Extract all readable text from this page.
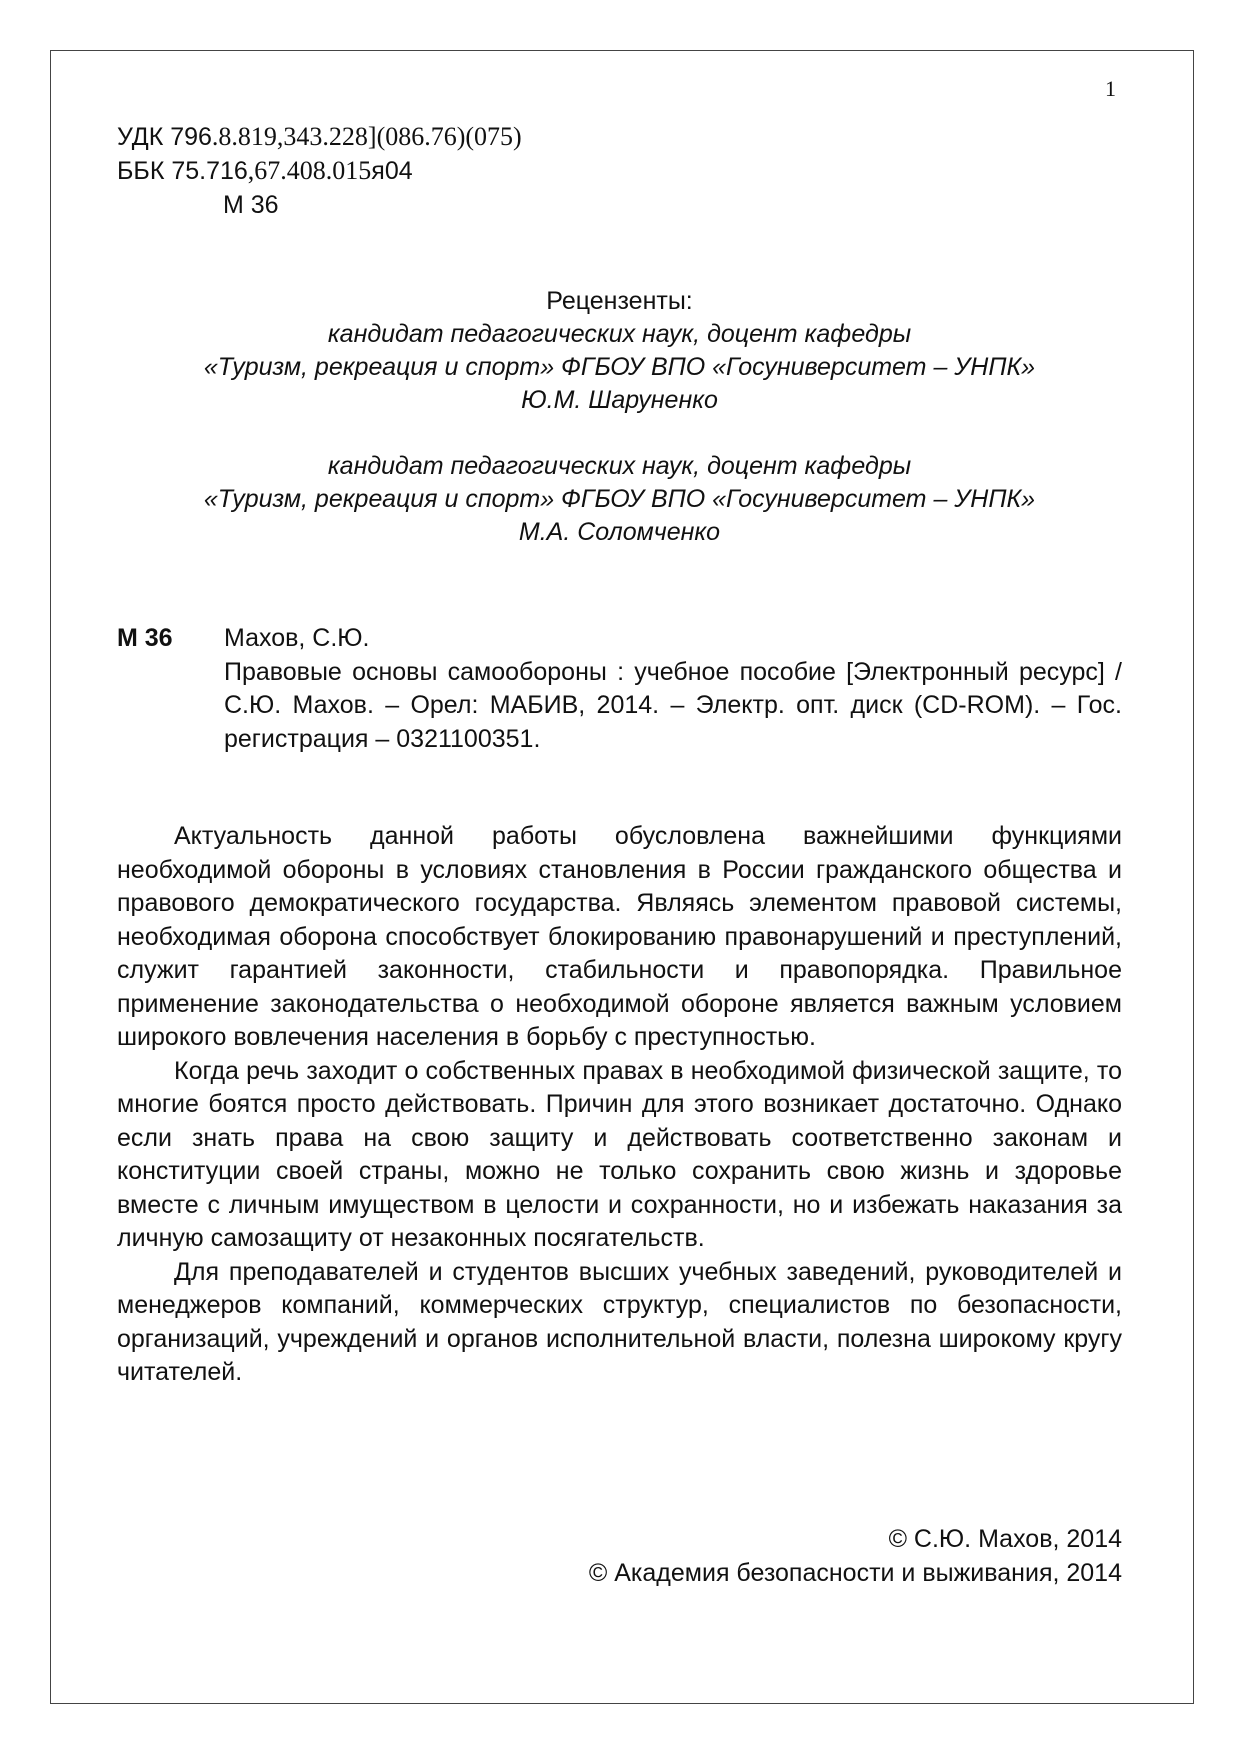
1
УДК 796.8.819,343.228](086.76)(075)
ББК 75.716,67.408.015я04
М 36
Рецензенты:
кандидат педагогических наук, доцент кафедры
«Туризм, рекреация и спорт» ФГБОУ ВПО «Госуниверситет – УНПК»
Ю.М. Шаруненко
кандидат педагогических наук, доцент кафедры
«Туризм, рекреация и спорт» ФГБОУ ВПО «Госуниверситет – УНПК»
М.А. Соломченко
М 36 Махов, С.Ю.
Правовые основы самообороны : учебное пособие [Электронный ресурс] / С.Ю. Махов. – Орел: МАБИВ, 2014. – Электр. опт. диск (CD-ROM). – Гос. регистрация – 0321100351.

Актуальность данной работы обусловлена важнейшими функциями необходимой обороны в условиях становления в России гражданского общества и правового демократического государства. Являясь элементом правовой системы, необходимая оборона способствует блокированию правонарушений и преступлений, служит гарантией законности, стабильности и правопорядка. Правильное применение законодательства о необходимой обороне является важным условием широкого вовлечения населения в борьбу с преступностью.

Когда речь заходит о собственных правах в необходимой физической защите, то многие боятся просто действовать. Причин для этого возникает достаточно. Однако если знать права на свою защиту и действовать соответственно законам и конституции своей страны, можно не только сохранить свою жизнь и здоровье вместе с личным имуществом в целости и сохранности, но и избежать наказания за личную самозащиту от незаконных посягательств.

Для преподавателей и студентов высших учебных заведений, руководителей и менеджеров компаний, коммерческих структур, специалистов по безопасности, организаций, учреждений и органов исполнительной власти, полезна широкому кругу читателей.

© С.Ю. Махов, 2014
© Академия безопасности и выживания, 2014
